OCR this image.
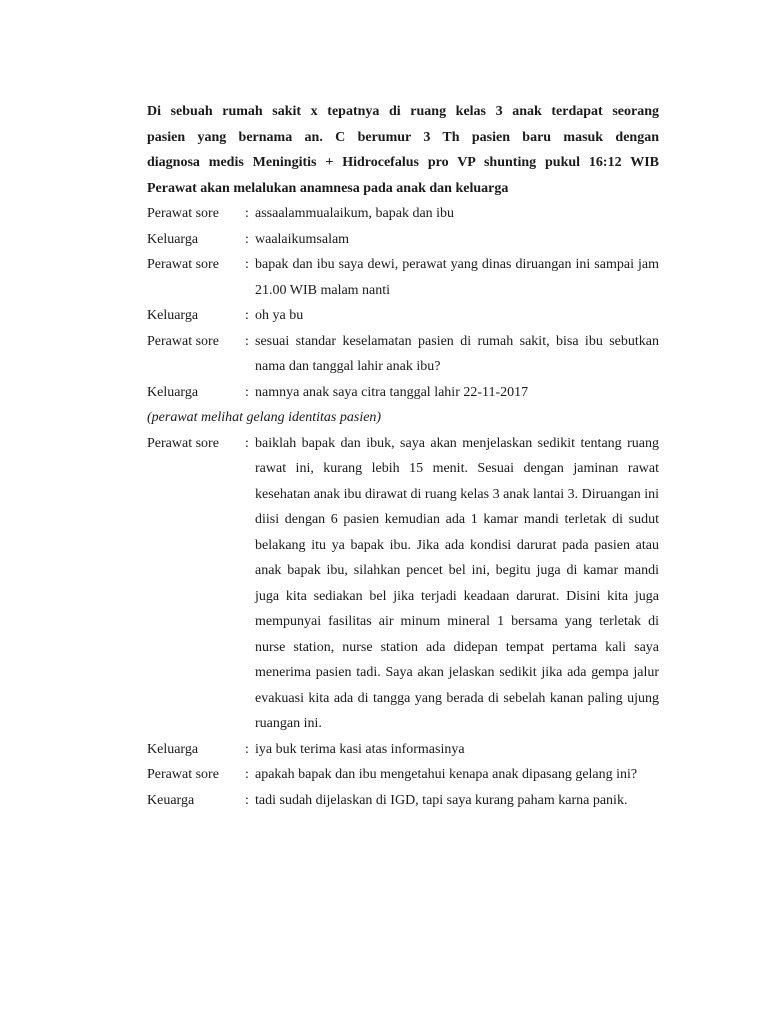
Di sebuah rumah sakit x tepatnya di ruang kelas 3 anak terdapat seorang

pasien yang bernama an. C berumur 3 Th pasien baru masuk dengan

diagnosa medis Meningitis + Hidrocefalus pro VP shunting pukul 16:12 WIB

Perawat akan melalukan anamnesa pada anak dan keluarga

Perawat sore	: assaalammualaikum, bapak dan ibu
Keluarga	: waalaikumsalam
Perawat sore	: bapak dan ibu saya dewi, perawat yang dinas diruangan ini sampai jam 21.00 WIB malam nanti
Keluarga	: oh ya bu
Perawat sore	: sesuai standar keselamatan pasien di rumah sakit, bisa ibu sebutkan nama dan tanggal lahir anak ibu?
Keluarga	: namnya anak saya citra tanggal lahir 22-11-2017

(perawat melihat gelang identitas pasien)

Perawat sore	: baiklah bapak dan ibuk, saya akan menjelaskan sedikit tentang ruang rawat ini, kurang lebih 15 menit. Sesuai dengan jaminan rawat kesehatan anak ibu dirawat di ruang kelas 3 anak lantai 3. Diruangan ini diisi dengan 6 pasien kemudian ada 1 kamar mandi terletak di sudut belakang itu ya bapak ibu. Jika ada kondisi darurat pada pasien atau anak bapak ibu, silahkan pencet bel ini, begitu juga di kamar mandi juga kita sediakan bel jika terjadi keadaan darurat. Disini kita juga mempunyai fasilitas air minum mineral 1 bersama yang terletak di nurse station, nurse station ada didepan tempat pertama kali saya menerima pasien tadi. Saya akan jelaskan sedikit jika ada gempa jalur evakuasi kita ada di tangga yang berada di sebelah kanan paling ujung ruangan ini.
Keluarga	: iya buk terima kasi atas informasinya
Perawat sore	: apakah bapak dan ibu mengetahui kenapa anak dipasang gelang ini?
Keuarga	: tadi sudah dijelaskan di IGD, tapi saya kurang paham karna panik.
